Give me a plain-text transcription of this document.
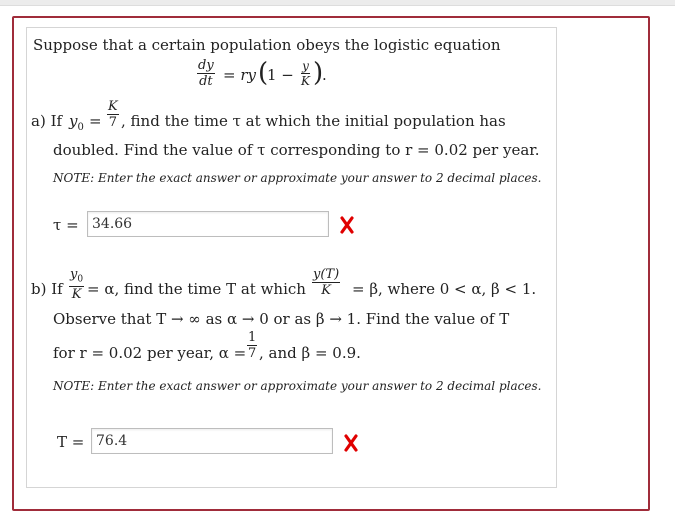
Suppose that a certain population obeys the logistic equation
$\frac{dy}{dt}$ = ry (
$1 - \frac{y}{K}$ )
.
a) If $y_0 = \frac{K}{7}$ , find the time τ at which the initial population has
doubled. Find the value of τ corresponding to r = 0.02 per year.
NOTE: Enter the exact answer or approximate your answer to 2 decimal places.
τ =
34.66
b) If $\frac{y_0}{K} = \alpha$, find the time T at which $\frac{y(T)}{K} = \beta$, where 0 < α, β < 1.
Observe that T → ∞ as α → 0 or as β → 1. Find the value of T
for r = 0.02 per year, $\alpha = \frac{1}{7}$ , and β = 0.9.
NOTE: Enter the exact answer or approximate your answer to 2 decimal places.
T =
76.4
